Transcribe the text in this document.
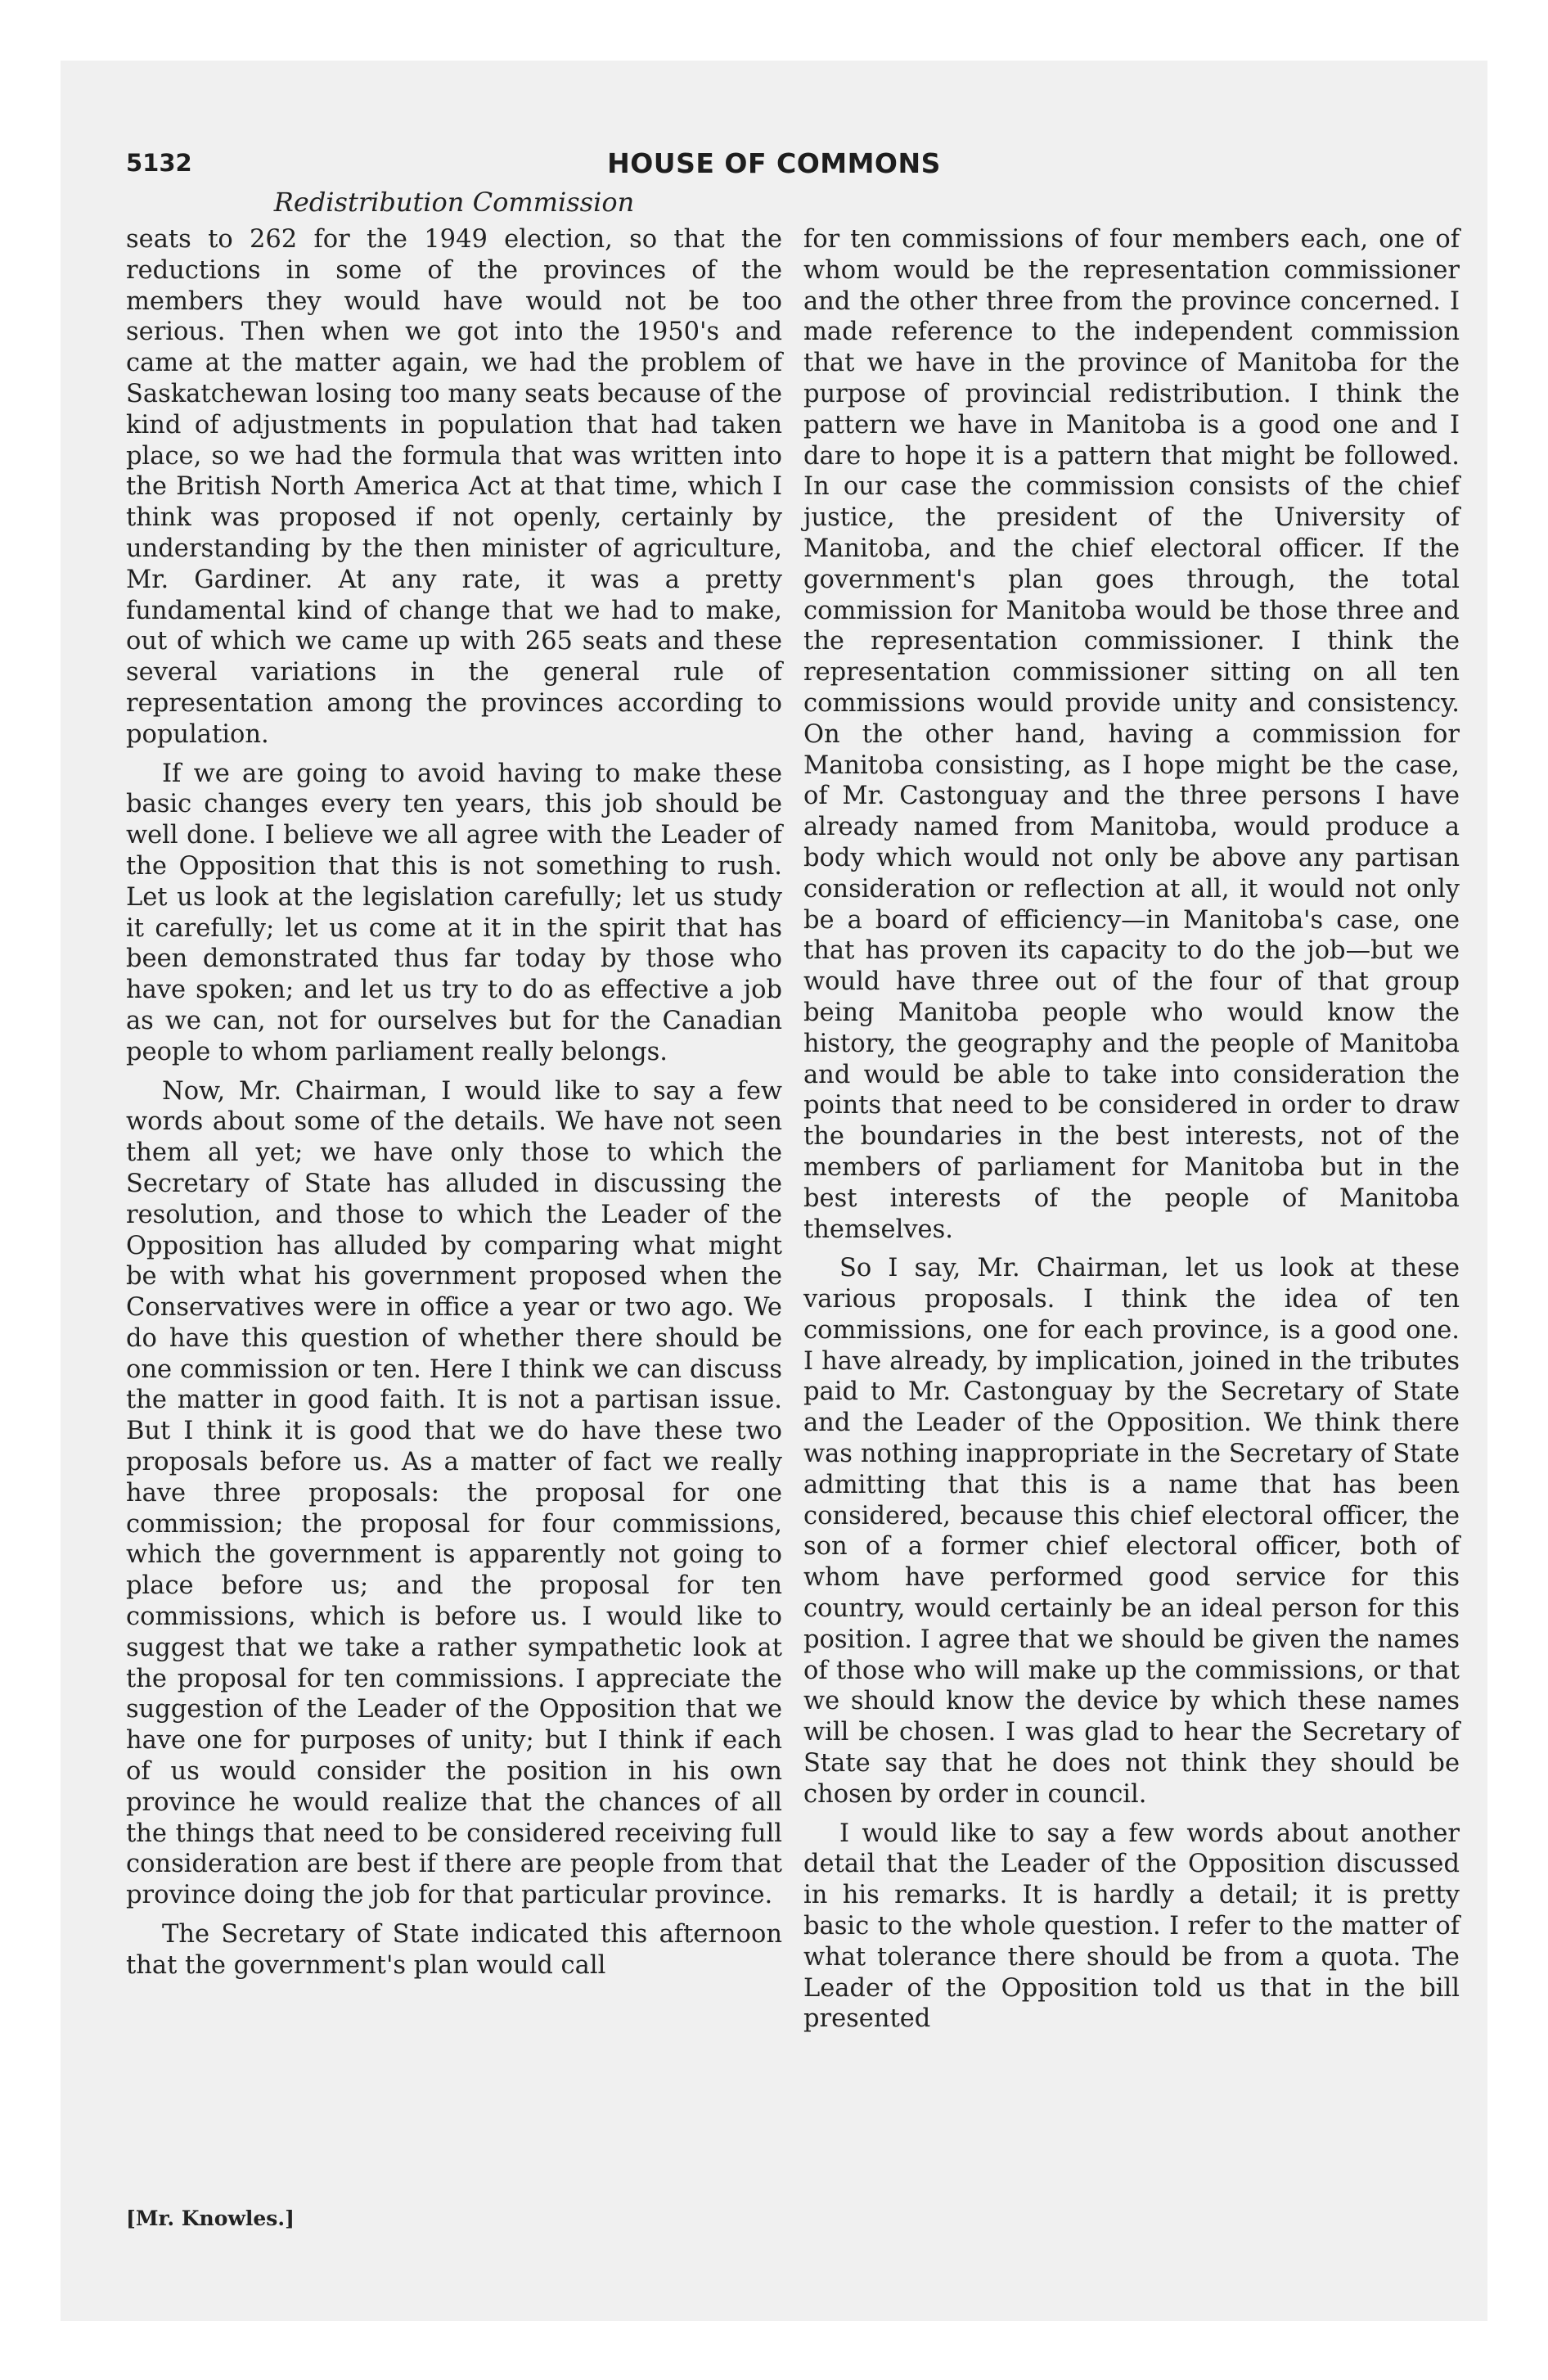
5132	HOUSE OF COMMONS
Redistribution Commission

seats to 262 for the 1949 election, so that the reductions in some of the provinces of the members they would have would not be too serious. Then when we got into the 1950's and came at the matter again, we had the problem of Saskatchewan losing too many seats because of the kind of adjustments in population that had taken place, so we had the formula that was written into the British North America Act at that time, which I think was proposed if not openly, certainly by understanding by the then minister of agriculture, Mr. Gardiner. At any rate, it was a pretty fundamental kind of change that we had to make, out of which we came up with 265 seats and these several variations in the general rule of representation among the provinces according to population.

If we are going to avoid having to make these basic changes every ten years, this job should be well done. I believe we all agree with the Leader of the Opposition that this is not something to rush. Let us look at the legislation carefully; let us study it carefully; let us come at it in the spirit that has been demonstrated thus far today by those who have spoken; and let us try to do as effective a job as we can, not for ourselves but for the Canadian people to whom parliament really belongs.

Now, Mr. Chairman, I would like to say a few words about some of the details. We have not seen them all yet; we have only those to which the Secretary of State has alluded in discussing the resolution, and those to which the Leader of the Opposition has alluded by comparing what might be with what his government proposed when the Conservatives were in office a year or two ago. We do have this question of whether there should be one commission or ten. Here I think we can discuss the matter in good faith. It is not a partisan issue. But I think it is good that we do have these two proposals before us. As a matter of fact we really have three proposals: the proposal for one commission; the proposal for four commissions, which the government is apparently not going to place before us; and the proposal for ten commissions, which is before us. I would like to suggest that we take a rather sympathetic look at the proposal for ten commissions. I appreciate the suggestion of the Leader of the Opposition that we have one for purposes of unity; but I think if each of us would consider the position in his own province he would realize that the chances of all the things that need to be considered receiving full consideration are best if there are people from that province doing the job for that particular province.

The Secretary of State indicated this afternoon that the government's plan would call

for ten commissions of four members each, one of whom would be the representation commissioner and the other three from the province concerned. I made reference to the independent commission that we have in the province of Manitoba for the purpose of provincial redistribution. I think the pattern we have in Manitoba is a good one and I dare to hope it is a pattern that might be followed. In our case the commission consists of the chief justice, the president of the University of Manitoba, and the chief electoral officer. If the government's plan goes through, the total commission for Manitoba would be those three and the representation commissioner. I think the representation commissioner sitting on all ten commissions would provide unity and consistency. On the other hand, having a commission for Manitoba consisting, as I hope might be the case, of Mr. Castonguay and the three persons I have already named from Manitoba, would produce a body which would not only be above any partisan consideration or reflection at all, it would not only be a board of efficiency—in Manitoba's case, one that has proven its capacity to do the job—but we would have three out of the four of that group being Manitoba people who would know the history, the geography and the people of Manitoba and would be able to take into consideration the points that need to be considered in order to draw the boundaries in the best interests, not of the members of parliament for Manitoba but in the best interests of the people of Manitoba themselves.

So I say, Mr. Chairman, let us look at these various proposals. I think the idea of ten commissions, one for each province, is a good one. I have already, by implication, joined in the tributes paid to Mr. Castonguay by the Secretary of State and the Leader of the Opposition. We think there was nothing inappropriate in the Secretary of State admitting that this is a name that has been considered, because this chief electoral officer, the son of a former chief electoral officer, both of whom have performed good service for this country, would certainly be an ideal person for this position. I agree that we should be given the names of those who will make up the commissions, or that we should know the device by which these names will be chosen. I was glad to hear the Secretary of State say that he does not think they should be chosen by order in council.

I would like to say a few words about another detail that the Leader of the Opposition discussed in his remarks. It is hardly a detail; it is pretty basic to the whole question. I refer to the matter of what tolerance there should be from a quota. The Leader of the Opposition told us that in the bill presented

[Mr. Knowles.]
